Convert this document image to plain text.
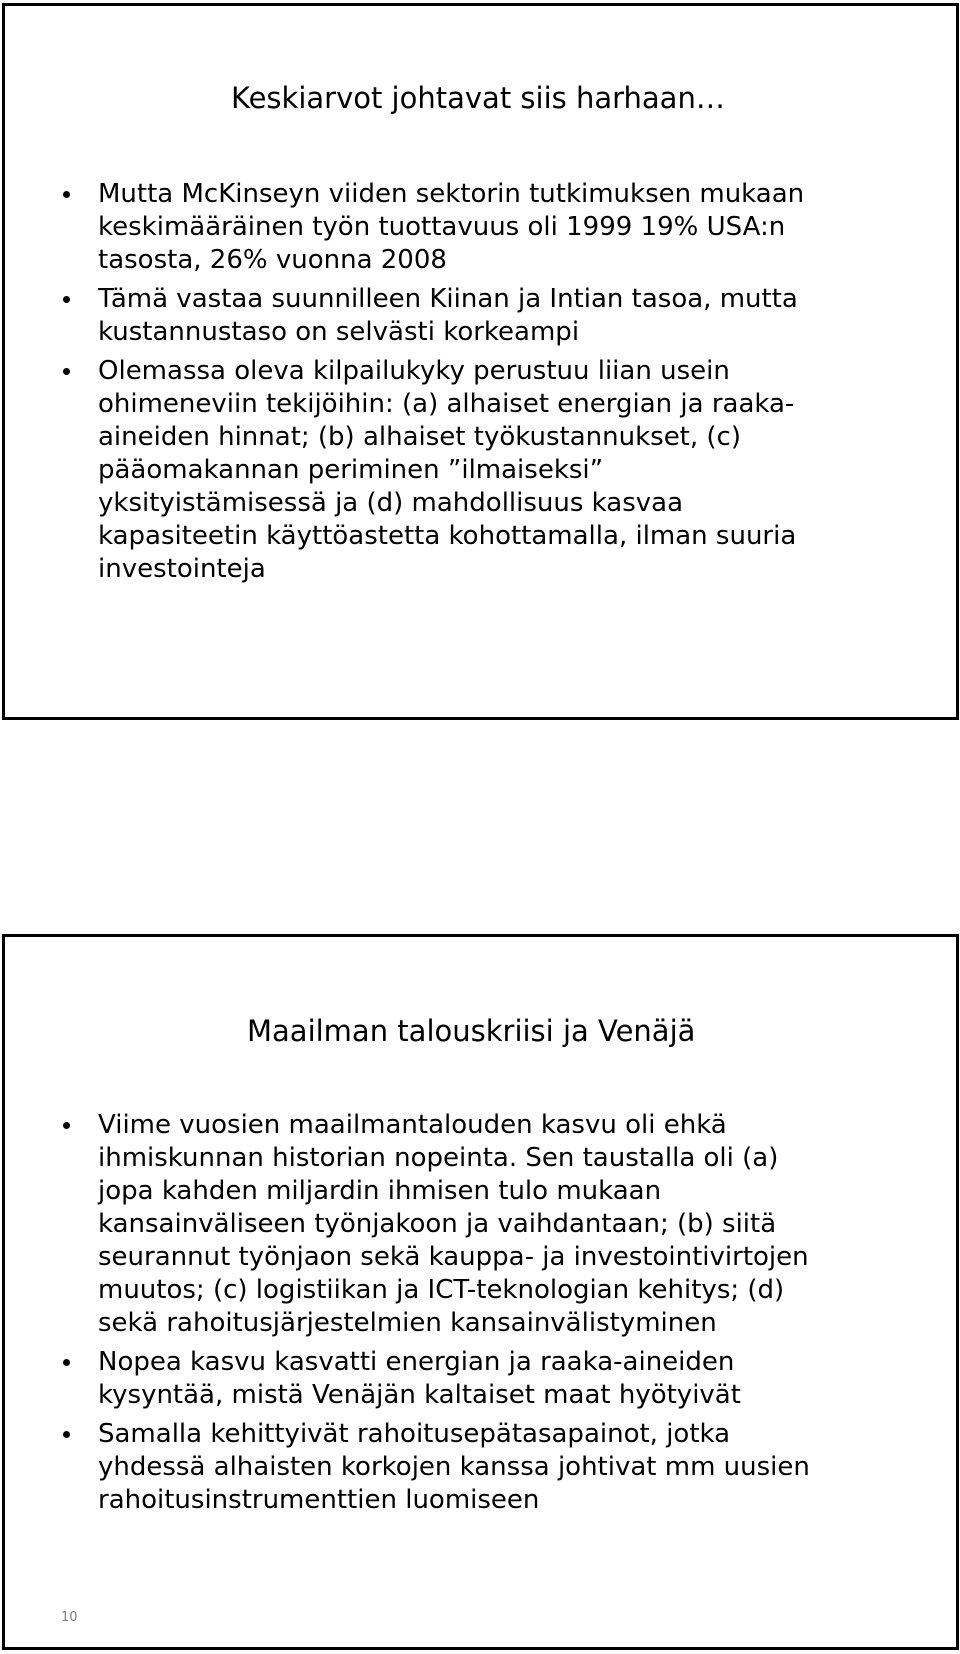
Keskiarvot johtavat siis harhaan…
Mutta McKinseyn viiden sektorin tutkimuksen mukaan
keskimääräinen työn tuottavuus oli 1999 19% USA:n
tasosta, 26% vuonna 2008
Tämä vastaa suunnilleen Kiinan ja Intian tasoa, mutta
kustannustaso on selvästi korkeampi
Olemassa oleva kilpailukyky perustuu liian usein
ohimeneviin tekijöihin: (a) alhaiset energian ja raaka-
aineiden hinnat; (b) alhaiset työkustannukset, (c)
pääomakannan periminen ”ilmaiseksi”
yksityistämisessä ja (d) mahdollisuus kasvaa
kapasiteetin käyttöastetta kohottamalla, ilman suuria
investointeja
Maailman talouskriisi ja Venäjä
Viime vuosien maailmantalouden kasvu oli ehkä
ihmiskunnan historian nopeinta. Sen taustalla oli (a)
jopa kahden miljardin ihmisen tulo mukaan
kansainväliseen työnjakoon ja vaihdantaan; (b) siitä
seurannut työnjaon sekä kauppa- ja investointivirtojen
muutos; (c) logistiikan ja ICT-teknologian kehitys; (d)
sekä rahoitusjärjestelmien kansainvälistyminen
Nopea kasvu kasvatti energian ja raaka-aineiden
kysyntää, mistä Venäjän kaltaiset maat hyötyivät
Samalla kehittyivät rahoitusepätasapainot, jotka
yhdessä alhaisten korkojen kanssa johtivat mm uusien
rahoitusinstrumenttien luomiseen
10
